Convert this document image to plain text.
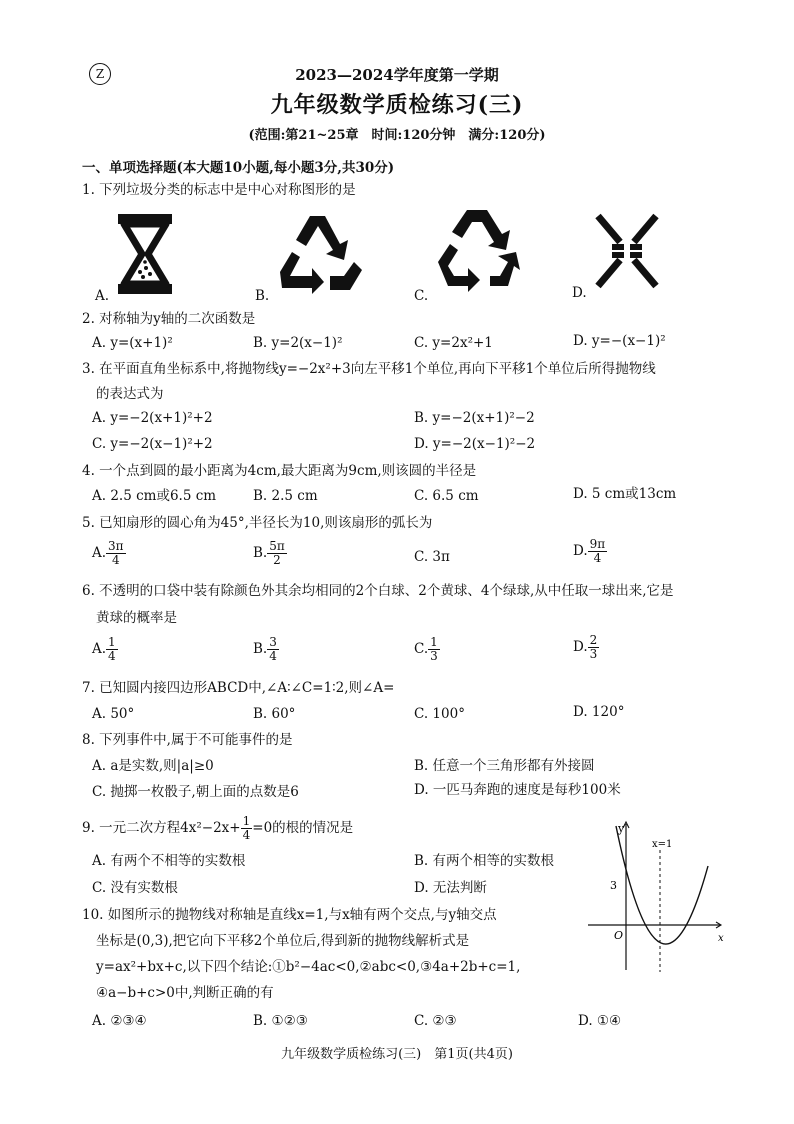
Z	2023—2024学年度第一学期
九年级数学质检练习(三)
(范围:第21~25章　时间:120分钟　满分:120分)
一、单项选择题(本大题10小题,每小题3分,共30分)
1. 下列垃圾分类的标志中是中心对称图形的是
A.	B.	C.	D.
2. 对称轴为y轴的二次函数是
A. y=(x+1)²	B. y=2(x−1)²	C. y=2x²+1	D. y=−(x−1)²
3. 在平面直角坐标系中,将抛物线y=−2x²+3向左平移1个单位,再向下平移1个单位后所得抛物线
的表达式为
A. y=−2(x+1)²+2	B. y=−2(x+1)²−2
C. y=−2(x−1)²+2	D. y=−2(x−1)²−2
4. 一个点到圆的最小距离为4cm,最大距离为9cm,则该圆的半径是
A. 2.5 cm或6.5 cm	B. 2.5 cm	C. 6.5 cm	D. 5 cm或13cm
5. 已知扇形的圆心角为45°,半径长为10,则该扇形的弧长为
A. $\frac{3\pi}{4}$	B. $\frac{5\pi}{2}$	C. 3π	D. $\frac{9\pi}{4}$
6. 不透明的口袋中装有除颜色外其余均相同的2个白球、2个黄球、4个绿球,从中任取一球出来,它是
黄球的概率是
A. $\frac{1}{4}$	B. $\frac{3}{4}$	C. $\frac{1}{3}$	D. $\frac{2}{3}$
7. 已知圆内接四边形ABCD中,∠A∶∠C=1∶2,则∠A=
A. 50°	B. 60°	C. 100°	D. 120°
8. 下列事件中,属于不可能事件的是
A. a是实数,则|a|≥0	B. 任意一个三角形都有外接圆
C. 抛掷一枚骰子,朝上面的点数是6	D. 一匹马奔跑的速度是每秒100米
9. 一元二次方程$4x^2-2x+ \frac{1}{4} =0$的根的情况是
A. 有两个不相等的实数根	B. 有两个相等的实数根
C. 没有实数根	D. 无法判断
10. 如图所示的抛物线对称轴是直线x=1,与x轴有两个交点,与y轴交点
坐标是(0,3),把它向下平移2个单位后,得到新的抛物线解析式是
y=ax²+bx+c,以下四个结论:①b²−4ac<0,②abc<0,③4a+2b+c=1,
④a−b+c>0中,判断正确的有
A. ②③④	B. ①②③	C. ②③	D. ①④
y
x
x=1
3
O
九年级数学质检练习(三)　第1页(共4页)
